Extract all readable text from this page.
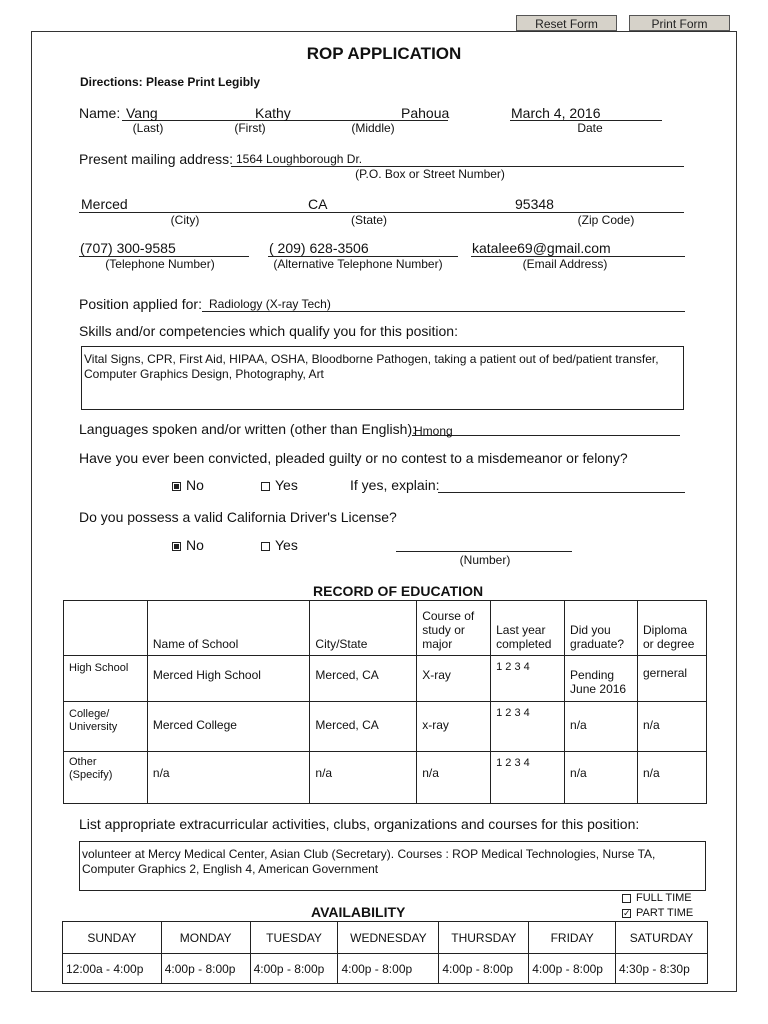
Reset Form	Print Form
ROP APPLICATION
Directions: Please Print Legibly
Name: Vang	Kathy	Pahoua	March 4, 2016
(Last)	(First)	(Middle)	Date
Present mailing address: 1564 Loughborough Dr.
(P.O. Box or Street Number)
Merced	CA	95348
(City)	(State)	(Zip Code)
(707) 300-9585	( 209) 628-3506	katalee69@gmail.com
(Telephone Number)	(Alternative Telephone Number)	(Email Address)
Position applied for: Radiology (X-ray Tech)
Skills and/or competencies which qualify you for this position:
Vital Signs, CPR, First Aid, HIPAA, OSHA, Bloodborne Pathogen, taking a patient out of bed/patient transfer, Computer Graphics Design, Photography, Art
Languages spoken and/or written (other than English):
Hmong
Have you ever been convicted, pleaded guilty or no contest to a misdemeanor or felony?
No	Yes	If yes, explain:
Do you possess a valid California Driver's License?
No	Yes
(Number)
RECORD OF EDUCATION
	Name of School	City/State	Course of study or major	Last year completed	Did you graduate?	Diploma or degree
High School	Merced High School	Merced, CA	X-ray	1 2 3 4	Pending June 2016	gerneral
College/ University	Merced College	Merced, CA	x-ray	1 2 3 4	n/a	n/a
Other (Specify)	n/a	n/a	n/a	1 2 3 4	n/a	n/a
List appropriate extracurricular activities, clubs, organizations and courses for this position:
volunteer at Mercy Medical Center, Asian Club (Secretary). Courses : ROP Medical Technologies, Nurse TA, Computer Graphics 2, English 4, American Government
FULL TIME
✓ PART TIME
AVAILABILITY
SUNDAY	MONDAY	TUESDAY	WEDNESDAY	THURSDAY	FRIDAY	SATURDAY
12:00a - 4:00p	4:00p - 8:00p	4:00p - 8:00p	4:00p - 8:00p	4:00p - 8:00p	4:00p - 8:00p	4:30p - 8:30p
